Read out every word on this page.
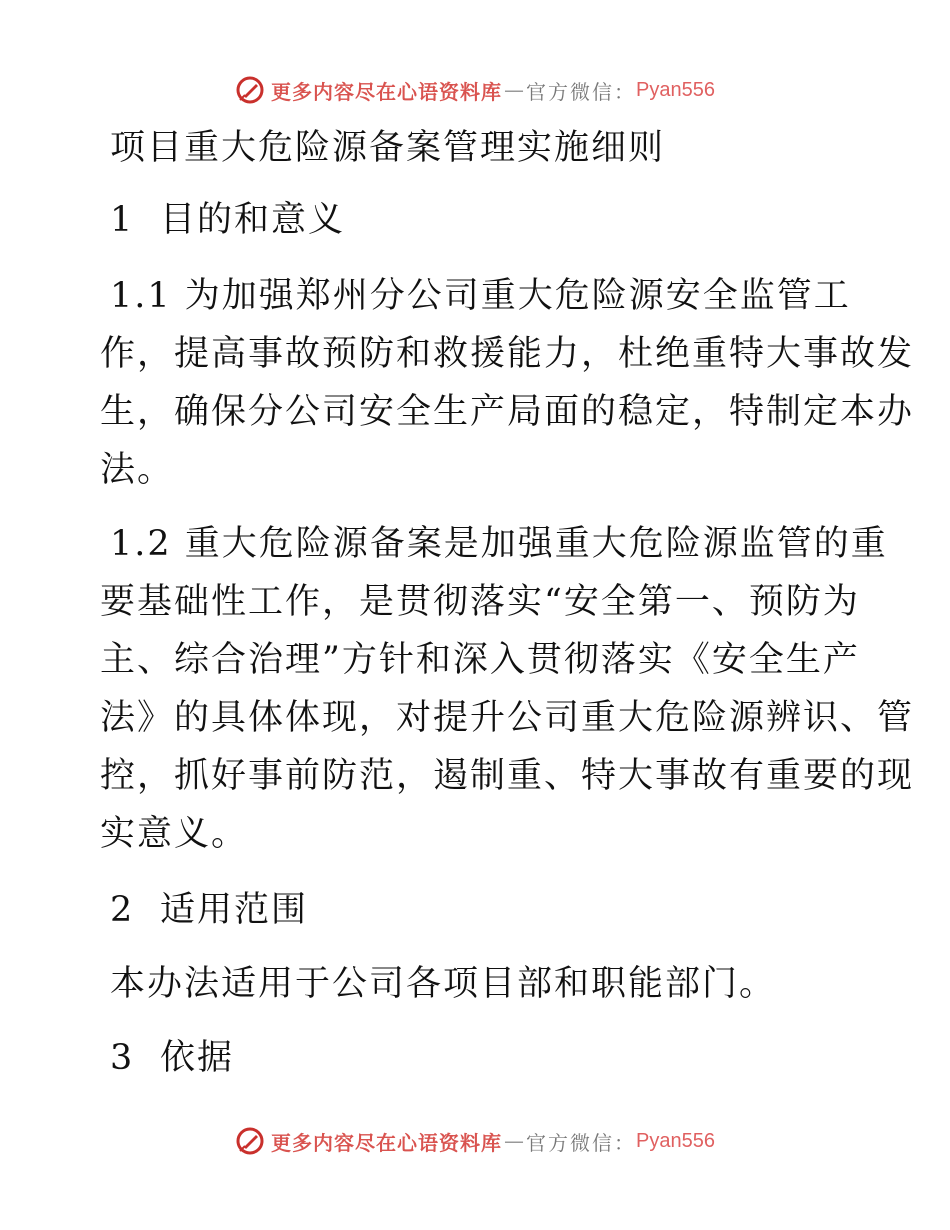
更多内容尽在心语资料库 — 官方微信： Pyan556
项目重大危险源备案管理实施细则
1 目的和意义
1.1 为加强郑州分公司重大危险源安全监管工
作，提高事故预防和救援能力，杜绝重特大事故发
生，确保分公司安全生产局面的稳定，特制定本办
法。
1.2 重大危险源备案是加强重大危险源监管的重
要基础性工作，是贯彻落实“安全第一、预防为
主、综合治理”方针和深入贯彻落实《安全生产
法》的具体体现，对提升公司重大危险源辨识、管
控，抓好事前防范，遏制重、特大事故有重要的现
实意义。
2 适用范围
本办法适用于公司各项目部和职能部门。
3 依据
更多内容尽在心语资料库 — 官方微信： Pyan556
